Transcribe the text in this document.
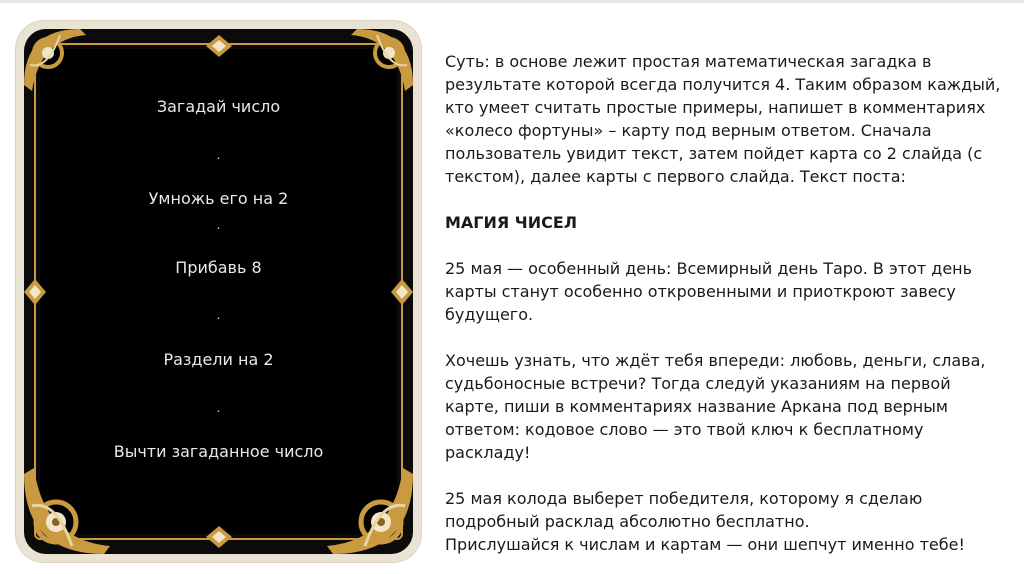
Загадай число
.
Умножь его на 2
.
Прибавь 8
.
Раздели на 2
.
Вычти загаданное число

Суть: в основе лежит простая математическая загадка в
результате которой всегда получится 4. Таким образом каждый,
кто умеет считать простые примеры, напишет в комментариях
«колесо фортуны» – карту под верным ответом. Сначала
пользователь увидит текст, затем пойдет карта со 2 слайда (с
текстом), далее карты с первого слайда. Текст поста:

МАГИЯ ЧИСЕЛ

25 мая — особенный день: Всемирный день Таро. В этот день
карты станут особенно откровенными и приоткроют завесу
будущего.

Хочешь узнать, что ждёт тебя впереди: любовь, деньги, слава,
судьбоносные встречи? Тогда следуй указаниям на первой
карте, пиши в комментариях название Аркана под верным
ответом: кодовое слово — это твой ключ к бесплатному
раскладу!

25 мая колода выберет победителя, которому я сделаю
подробный расклад абсолютно бесплатно.
Прислушайся к числам и картам — они шепчут именно тебе!
